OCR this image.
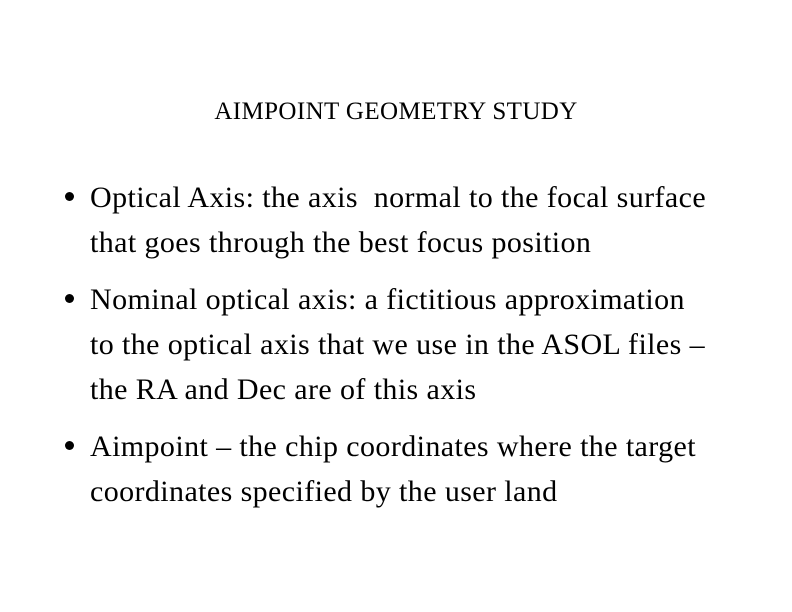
AIMPOINT GEOMETRY STUDY
Optical Axis: the axis  normal to the focal surface
that goes through the best focus position
Nominal optical axis: a fictitious approximation
to the optical axis that we use in the ASOL files –
the RA and Dec are of this axis
Aimpoint – the chip coordinates where the target
coordinates specified by the user land
